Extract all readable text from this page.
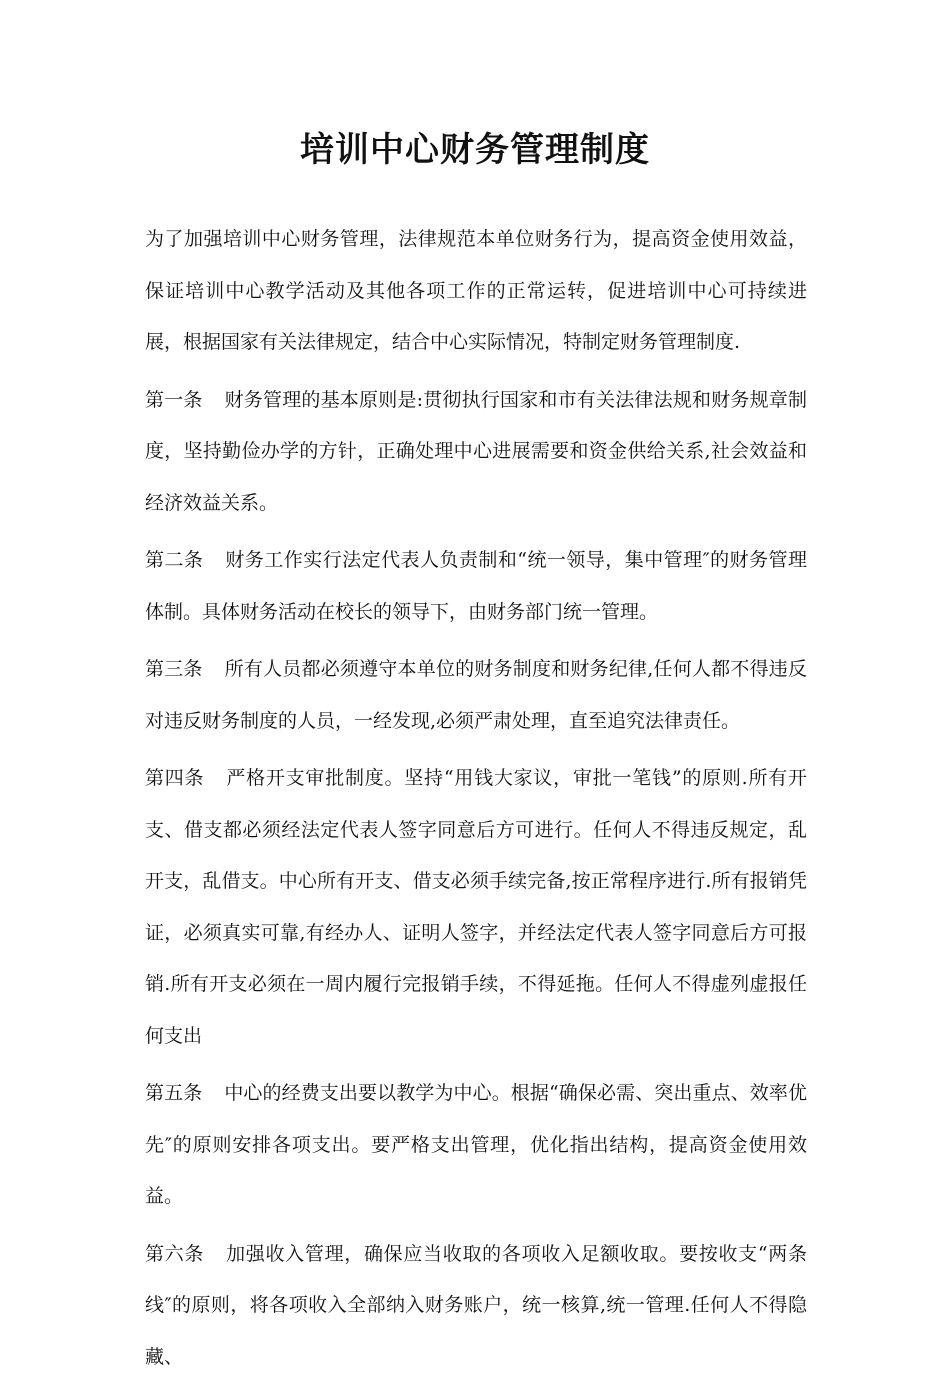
培训中心财务管理制度

为了加强培训中心财务管理，法律规范本单位财务行为，提高资金使用效益，保证培训中心教学活动及其他各项工作的正常运转，促进培训中心可持续进展，根据国家有关法律规定，结合中心实际情况，特制定财务管理制度.

第一条 财务管理的基本原则是:贯彻执行国家和市有关法律法规和财务规章制度，坚持勤俭办学的方针，正确处理中心进展需要和资金供给关系,社会效益和经济效益关系。

第二条 财务工作实行法定代表人负责制和“统一领导，集中管理″的财务管理体制。具体财务活动在校长的领导下，由财务部门统一管理。

第三条 所有人员都必须遵守本单位的财务制度和财务纪律,任何人都不得违反对违反财务制度的人员，一经发现,必须严肃处理，直至追究法律责任。

第四条 严格开支审批制度。坚持“用钱大家议，审批一笔钱”的原则.所有开支、借支都必须经法定代表人签字同意后方可进行。任何人不得违反规定，乱开支，乱借支。中心所有开支、借支必须手续完备,按正常程序进行.所有报销凭证，必须真实可靠,有经办人、证明人签字，并经法定代表人签字同意后方可报销.所有开支必须在一周内履行完报销手续，不得延拖。任何人不得虚列虚报任何支出

第五条 中心的经费支出要以教学为中心。根据“确保必需、突出重点、效率优先″的原则安排各项支出。要严格支出管理，优化指出结构，提高资金使用效益。

第六条 加强收入管理，确保应当收取的各项收入足额收取。要按收支“两条线″的原则，将各项收入全部纳入财务账户，统一核算,统一管理.任何人不得隐藏、
